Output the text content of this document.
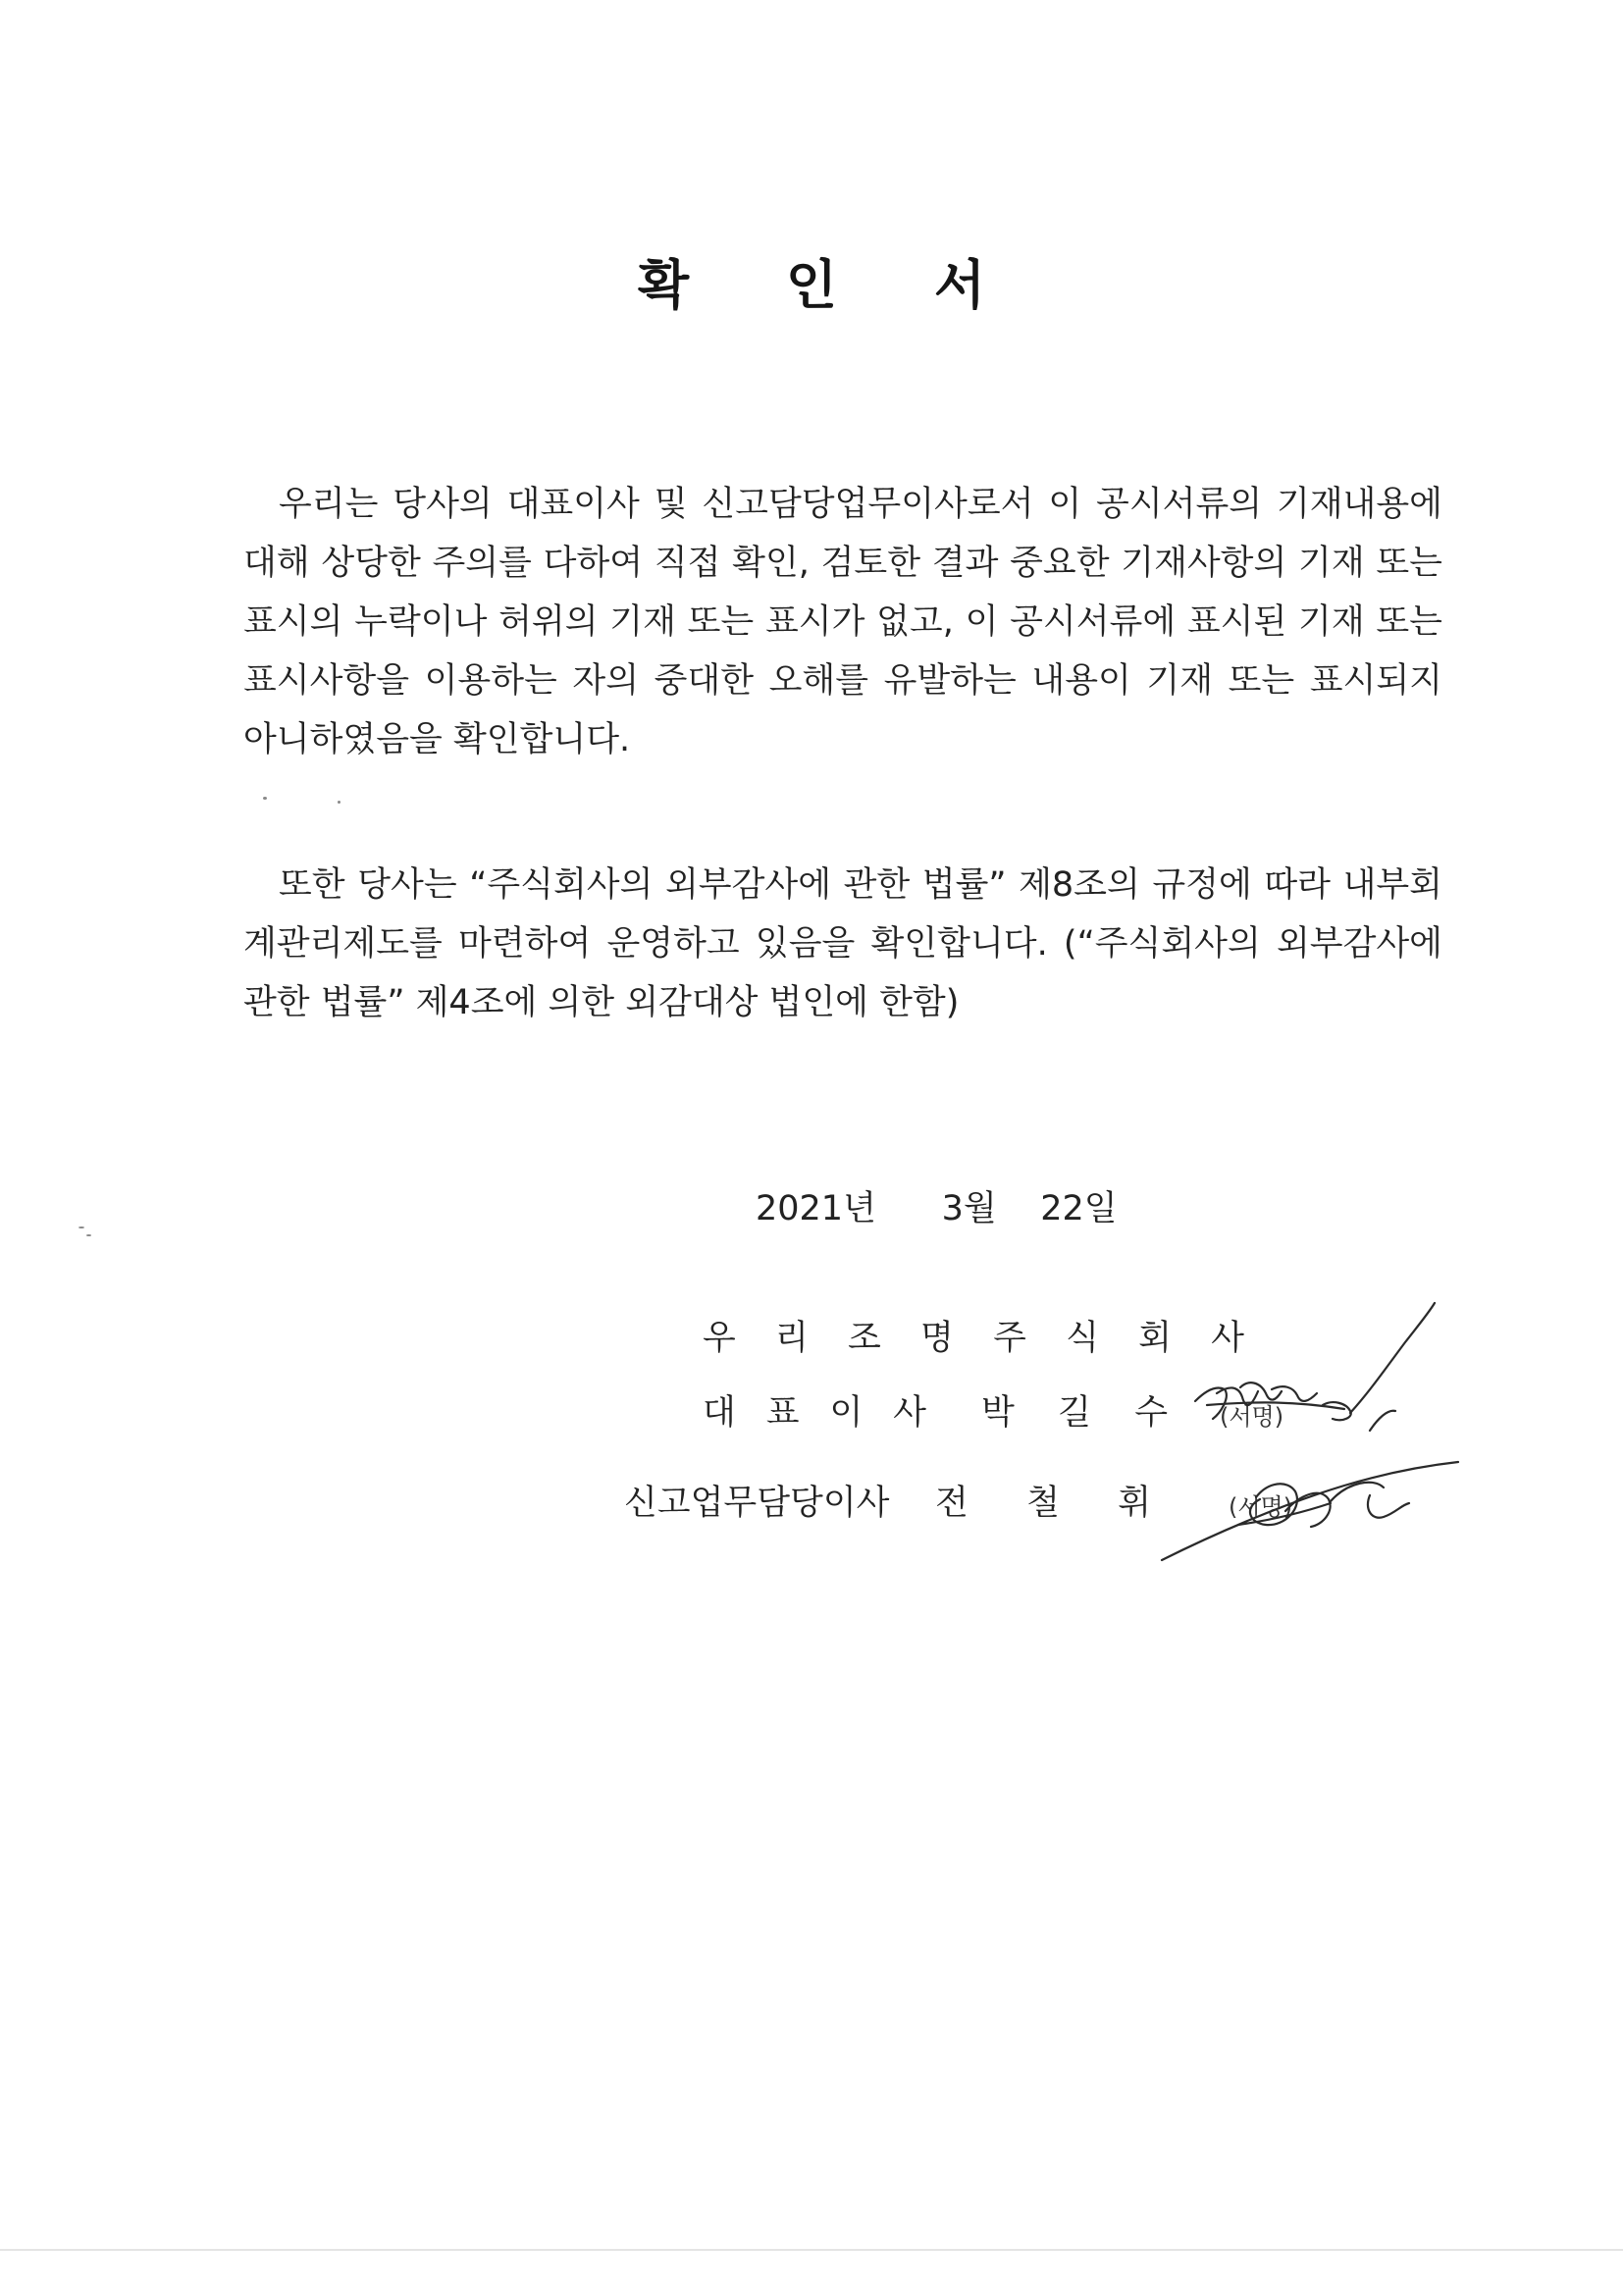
확 인 서
우리는 당사의 대표이사 및 신고담당업무이사로서 이 공시서류의 기재내용에 대해 상당한 주의를 다하여 직접 확인, 검토한 결과 중요한 기재사항의 기재 또는 표시의 누락이나 허위의 기재 또는 표시가 없고, 이 공시서류에 표시된 기재 또는 표시사항을 이용하는 자의 중대한 오해를 유발하는 내용이 기재 또는 표시되지 아니하였음을 확인합니다.
또한 당사는 “주식회사의 외부감사에 관한 법률” 제8조의 규정에 따라 내부회계관리제도를 마련하여 운영하고 있음을 확인합니다. (“주식회사의 외부감사에 관한 법률” 제4조에 의한 외감대상 법인에 한함)
2021년 3월 22일
우 리 조 명 주 식 회 사
대 표 이 사 박 길 수 (서명)
신고업무담당이사 전 철 휘	(서명)
